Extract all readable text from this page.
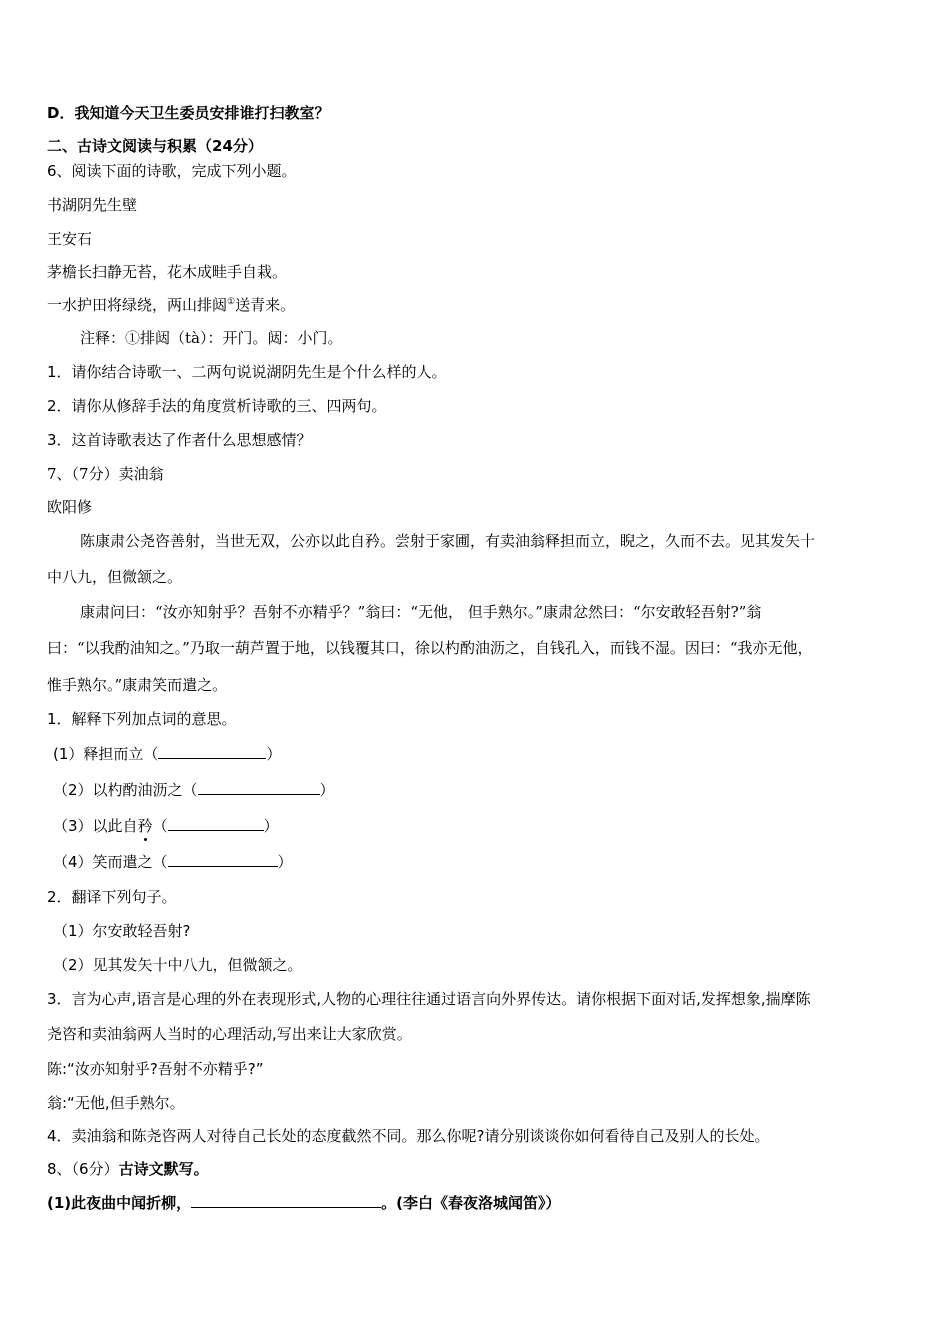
D．我知道今天卫生委员安排谁打扫教室？
二、古诗文阅读与积累（24分）
6、阅读下面的诗歌，完成下列小题。
书湖阴先生壁
王安石
茅檐长扫静无苔，花木成畦手自栽。
一水护田将绿绕，两山排闼①送青来。
注释：①排闼（tà）：开门。闼：小门。
1．请你结合诗歌一、二两句说说湖阴先生是个什么样的人。
2．请你从修辞手法的角度赏析诗歌的三、四两句。
3．这首诗歌表达了作者什么思想感情？
7、（7分）卖油翁
欧阳修
陈康肃公尧咨善射，当世无双，公亦以此自矜。尝射于家圃，有卖油翁释担而立，睨之，久而不去。见其发矢十
中八九，但微颔之。
康肃问曰：“汝亦知射乎？吾射不亦精乎？”翁曰：“无他， 但手熟尔。”康肃忿然曰：“尔安敢轻吾射?”翁
曰：“以我酌油知之。”乃取一葫芦置于地，以钱覆其口，徐以杓酌油沥之，自钱孔入，而钱不湿。因曰：“我亦无他，
惟手熟尔。”康肃笑而遣之。
1．解释下列加点词的意思。
(1）释担而立（	）
（2）以杓酌油沥之（	）
（3）以此自矜
（	）
（4）笑而遣之（	）
2．翻译下列句子。
（1）尔安敢轻吾射?
（2）见其发矢十中八九，但微颔之。
3．言为心声,语言是心理的外在表现形式,人物的心理往往通过语言向外界传达。请你根据下面对话,发挥想象,揣摩陈
尧咨和卖油翁两人当时的心理活动,写出来让大家欣赏。
陈:“汝亦知射乎?吾射不亦精乎?”
翁:“无他,但手熟尔。
4．卖油翁和陈尧咨两人对待自己长处的态度截然不同。那么你呢?请分别谈谈你如何看待自己及别人的长处。
8、（6分）古诗文默写。
(1)此夜曲中闻折柳，	。(李白《春夜洛城闻笛》）
